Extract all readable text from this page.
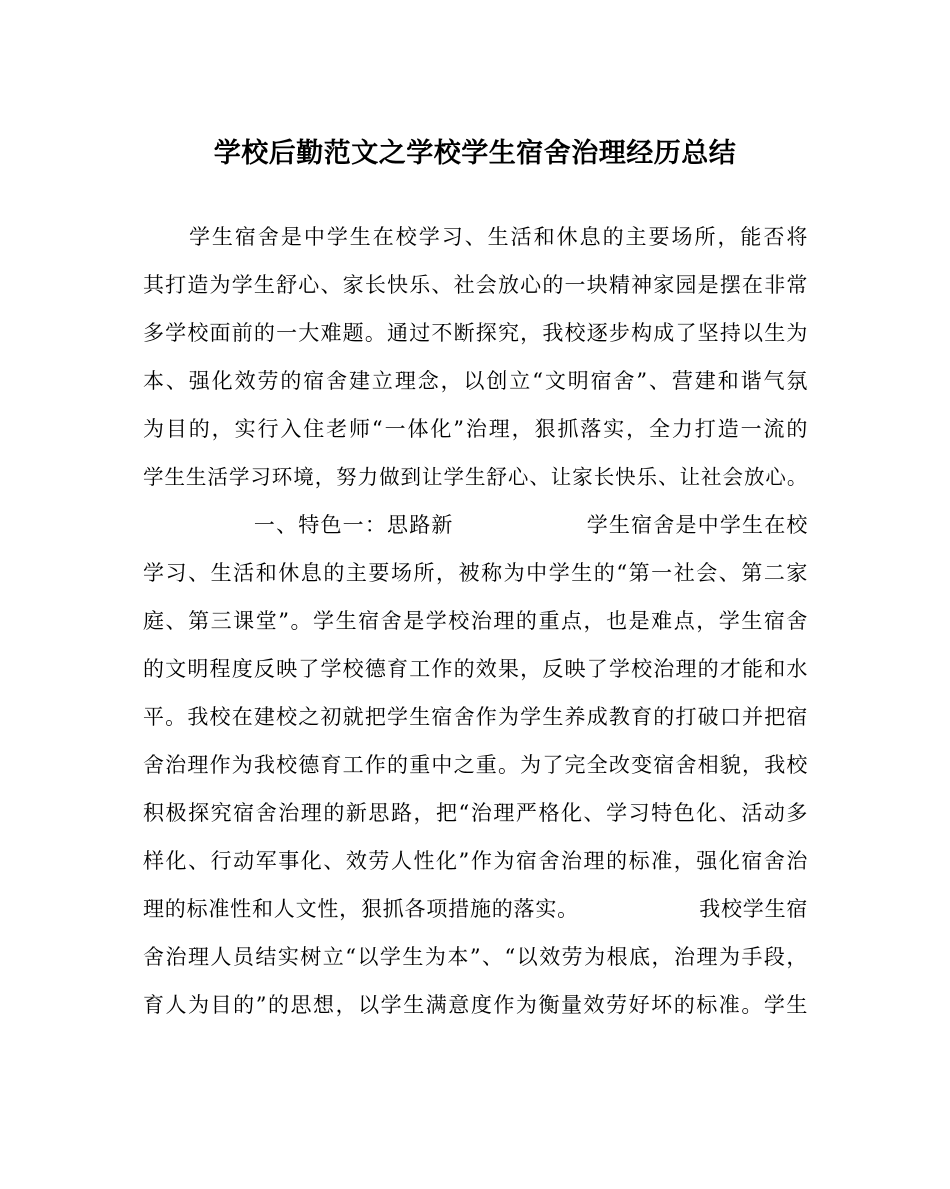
学校后勤范文之学校学生宿舍治理经历总结
　　学生宿舍是中学生在校学习、生活和休息的主要场所，能否将
其打造为学生舒心、家长快乐、社会放心的一块精神家园是摆在非常
多学校面前的一大难题。通过不断探究，我校逐步构成了坚持以生为
本、强化效劳的宿舍建立理念，以创立“文明宿舍”、营建和谐气氛
为目的，实行入住老师“一体化”治理，狠抓落实，全力打造一流的
学生生活学习环境，努力做到让学生舒心、让家长快乐、让社会放心。
　　　　　一、特色一：思路新　　　　　　学生宿舍是中学生在校
学习、生活和休息的主要场所，被称为中学生的“第一社会、第二家
庭、第三课堂”。学生宿舍是学校治理的重点，也是难点，学生宿舍
的文明程度反映了学校德育工作的效果，反映了学校治理的才能和水
平。我校在建校之初就把学生宿舍作为学生养成教育的打破口并把宿
舍治理作为我校德育工作的重中之重。为了完全改变宿舍相貌，我校
积极探究宿舍治理的新思路，把“治理严格化、学习特色化、活动多
样化、行动军事化、效劳人性化”作为宿舍治理的标准，强化宿舍治
理的标准性和人文性，狠抓各项措施的落实。　　　　　　我校学生宿
舍治理人员结实树立“以学生为本”、“以效劳为根底，治理为手段，
育人为目的”的思想，以学生满意度作为衡量效劳好坏的标准。学生
